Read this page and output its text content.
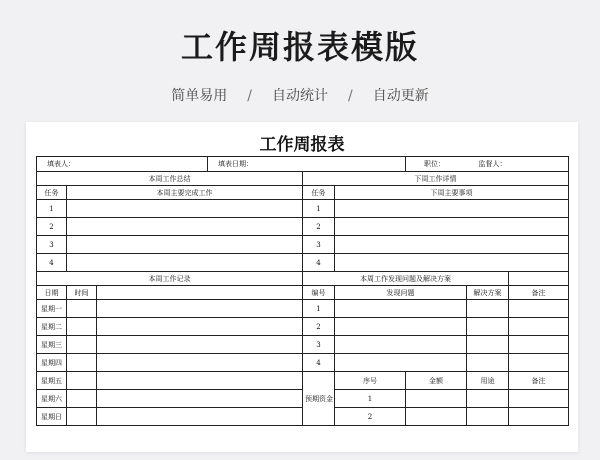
工作周报表模版
简单易用 / 自动统计 / 自动更新
工作周报表
填表人：			填表日期：			职位：	监督人：	
本周工作总结				下周工作详情				
任务	本周主要完成工作			任务	下周主要事项			
1				1				
2				2				
3				3				
4				4				
本周工作记录				本周工作发现问题及解决方案				
日期	时间			编号	发现问题		解决方案	备注
星期一				1				
星期二				2				
星期三				3				
星期四				4				
星期五				预期资金	序号	金额	用途	备注
星期六					1			
星期日					2			
